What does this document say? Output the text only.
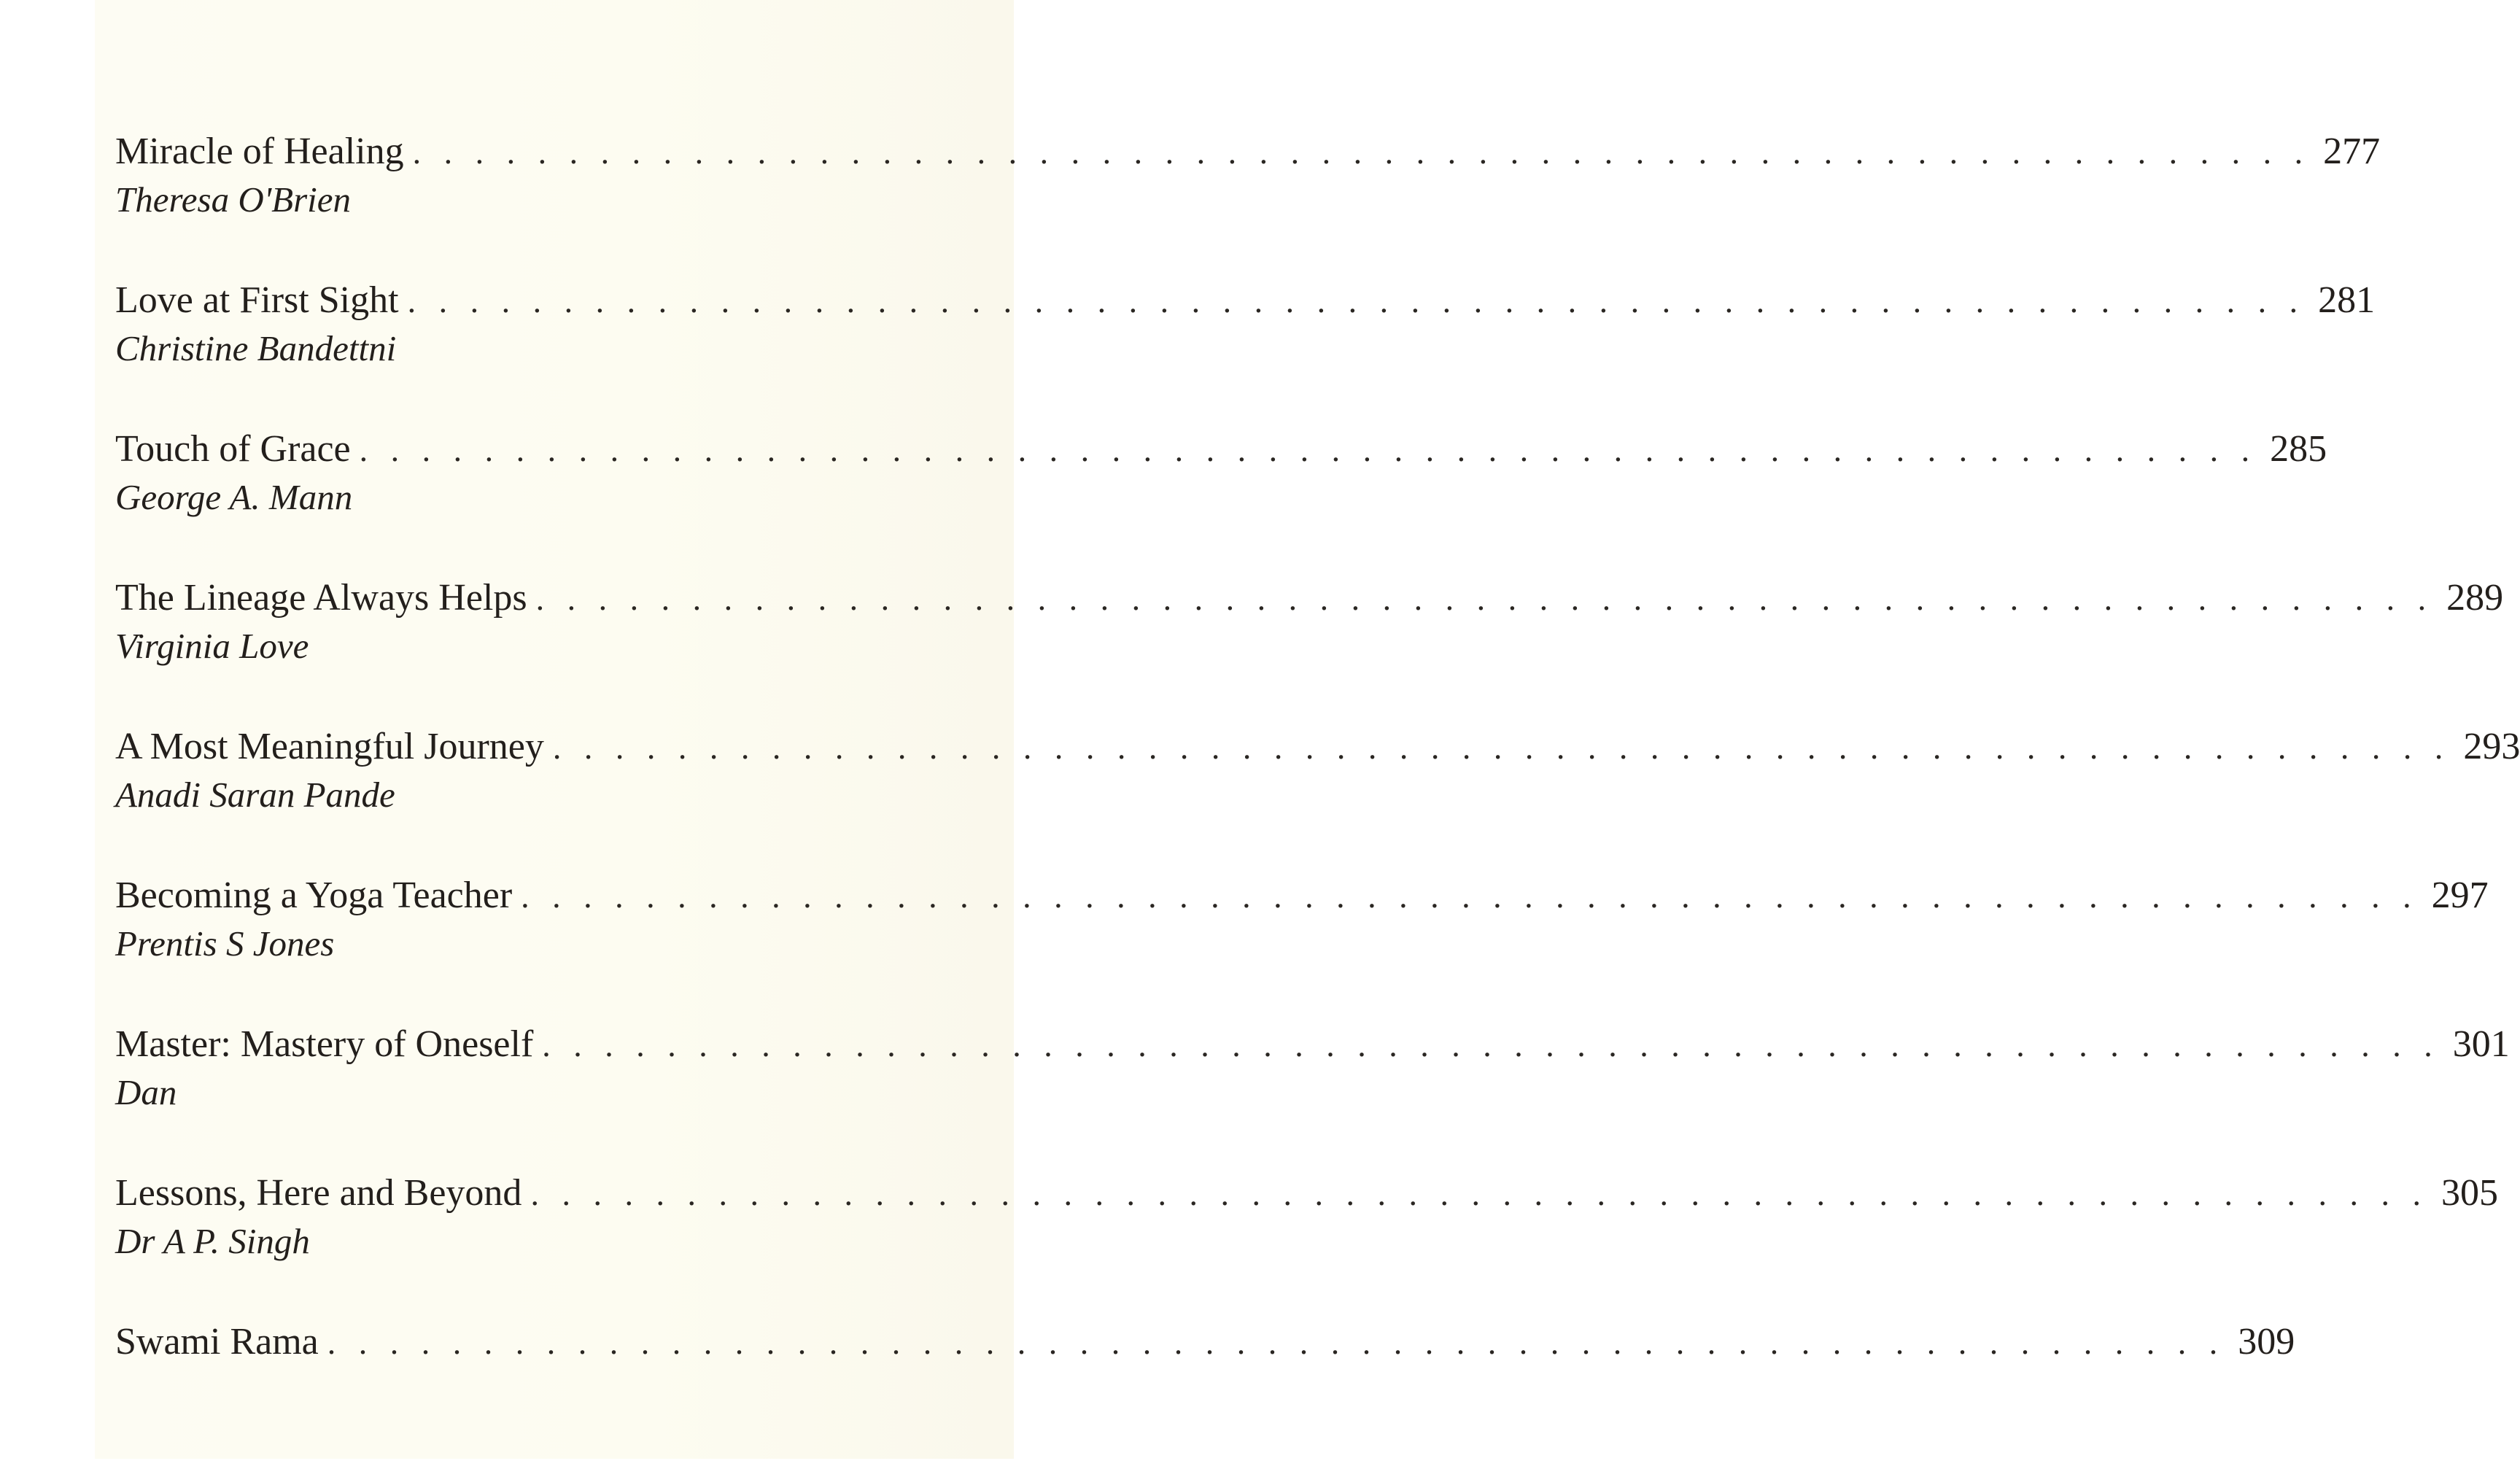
Miracle of Healing . . . . . . . . . . . . . . . . . . . . . . . . . . . . . . . . . . . . . . . . . . . . . . . . . . . . . . . . . . . . . 277
Theresa O'Brien
Love at First Sight . . . . . . . . . . . . . . . . . . . . . . . . . . . . . . . . . . . . . . . . . . . . . . . . . . . . . . . . . . . . . 281
Christine Bandettni
Touch of Grace . . . . . . . . . . . . . . . . . . . . . . . . . . . . . . . . . . . . . . . . . . . . . . . . . . . . . . . . . . . . . 285
George A. Mann
The Lineage Always Helps . . . . . . . . . . . . . . . . . . . . . . . . . . . . . . . . . . . . . . . . . . . . . . . . . . . . . . . . . . . . . 289
Virginia Love
A Most Meaningful Journey . . . . . . . . . . . . . . . . . . . . . . . . . . . . . . . . . . . . . . . . . . . . . . . . . . . . . . . . . . . . . 293
Anadi Saran Pande
Becoming a Yoga Teacher . . . . . . . . . . . . . . . . . . . . . . . . . . . . . . . . . . . . . . . . . . . . . . . . . . . . . . . . . . . . . 297
Prentis S Jones
Master: Mastery of Oneself . . . . . . . . . . . . . . . . . . . . . . . . . . . . . . . . . . . . . . . . . . . . . . . . . . . . . . . . . . . . . 301
Dan
Lessons, Here and Beyond . . . . . . . . . . . . . . . . . . . . . . . . . . . . . . . . . . . . . . . . . . . . . . . . . . . . . . . . . . . . . 305
Dr A P. Singh
Swami Rama . . . . . . . . . . . . . . . . . . . . . . . . . . . . . . . . . . . . . . . . . . . . . . . . . . . . . . . . . . . . . 309
